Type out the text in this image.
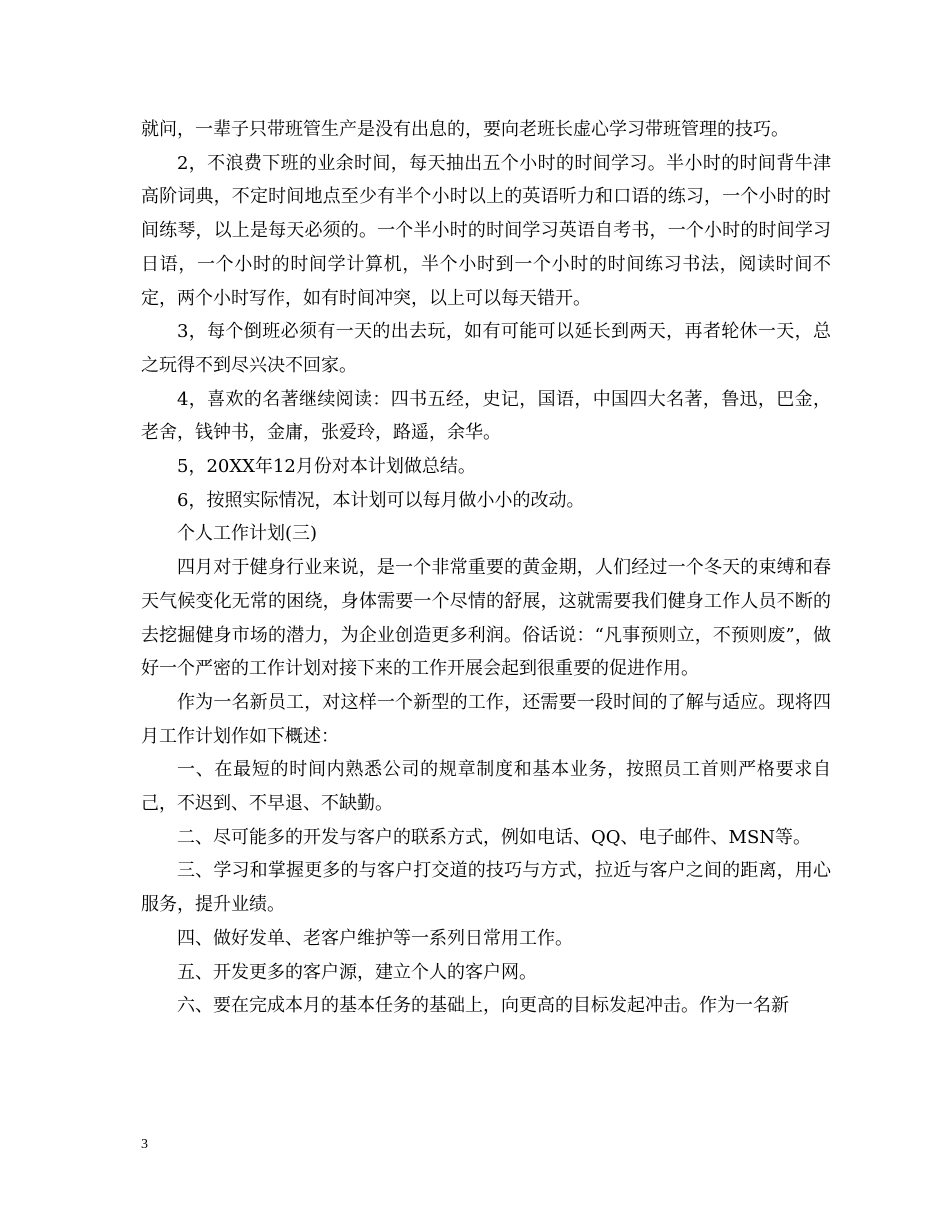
就问，一辈子只带班管生产是没有出息的，要向老班长虚心学习带班管理的技巧。

2，不浪费下班的业余时间，每天抽出五个小时的时间学习。半小时的时间背牛津高阶词典，不定时间地点至少有半个小时以上的英语听力和口语的练习，一个小时的时间练琴，以上是每天必须的。一个半小时的时间学习英语自考书，一个小时的时间学习日语，一个小时的时间学计算机，半个小时到一个小时的时间练习书法，阅读时间不定，两个小时写作，如有时间冲突，以上可以每天错开。

3，每个倒班必须有一天的出去玩，如有可能可以延长到两天，再者轮休一天，总之玩得不到尽兴决不回家。

4，喜欢的名著继续阅读：四书五经，史记，国语，中国四大名著，鲁迅，巴金，老舍，钱钟书，金庸，张爱玲，路遥，余华。

5，20XX年12月份对本计划做总结。

6，按照实际情况，本计划可以每月做小小的改动。

个人工作计划(三)

四月对于健身行业来说，是一个非常重要的黄金期，人们经过一个冬天的束缚和春天气候变化无常的困绕，身体需要一个尽情的舒展，这就需要我们健身工作人员不断的去挖掘健身市场的潜力，为企业创造更多利润。俗话说：“凡事预则立，不预则废”，做好一个严密的工作计划对接下来的工作开展会起到很重要的促进作用。

作为一名新员工，对这样一个新型的工作，还需要一段时间的了解与适应。现将四月工作计划作如下概述：

一、在最短的时间内熟悉公司的规章制度和基本业务，按照员工首则严格要求自己，不迟到、不早退、不缺勤。

二、尽可能多的开发与客户的联系方式，例如电话、QQ、电子邮件、MSN等。

三、学习和掌握更多的与客户打交道的技巧与方式，拉近与客户之间的距离，用心服务，提升业绩。

四、做好发单、老客户维护等一系列日常用工作。

五、开发更多的客户源，建立个人的客户网。

六、要在完成本月的基本任务的基础上，向更高的目标发起冲击。作为一名新

3
